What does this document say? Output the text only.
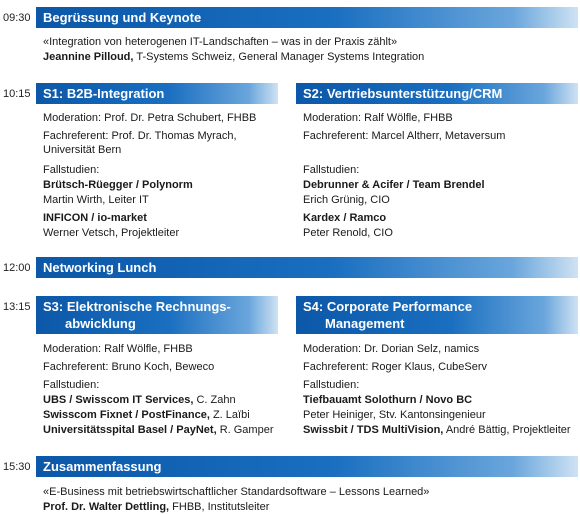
09:30 Begrüssung und Keynote
«Integration von heterogenen IT-Landschaften – was in der Praxis zählt»
Jeannine Pilloud, T-Systems Schweiz, General Manager Systems Integration
10:15 S1: B2B-Integration	S2: Vertriebsunterstützung/CRM
Moderation: Prof. Dr. Petra Schubert, FHBB
Fachreferent: Prof. Dr. Thomas Myrach, Universität Bern
Fallstudien:
Brütsch-Rüegger / Polynorm
Martin Wirth, Leiter IT
INFICON / io-market
Werner Vetsch, Projektleiter
Moderation: Ralf Wölfle, FHBB
Fachreferent: Marcel Altherr, Metaversum
Fallstudien:
Debrunner & Acifer / Team Brendel
Erich Grünig, CIO
Kardex / Ramco
Peter Renold, CIO
12:00 Networking Lunch
13:15 S3: Elektronische Rechnungs-
abwicklung
S4: Corporate Performance
Management
Moderation: Ralf Wölfle, FHBB
Fachreferent: Bruno Koch, Beweco
Fallstudien:
UBS / Swisscom IT Services, C. Zahn
Swisscom Fixnet / PostFinance, Z. Laïbi
Universitätsspital Basel / PayNet, R. Gamper
Moderation: Dr. Dorian Selz, namics
Fachreferent: Roger Klaus, CubeServ
Fallstudien:
Tiefbauamt Solothurn / Novo BC
Peter Heiniger, Stv. Kantonsingenieur
Swissbit / TDS MultiVision, André Bättig, Projektleiter
15:30 Zusammenfassung
«E-Business mit betriebswirtschaftlicher Standardsoftware – Lessons Learned»
Prof. Dr. Walter Dettling, FHBB, Institutsleiter
